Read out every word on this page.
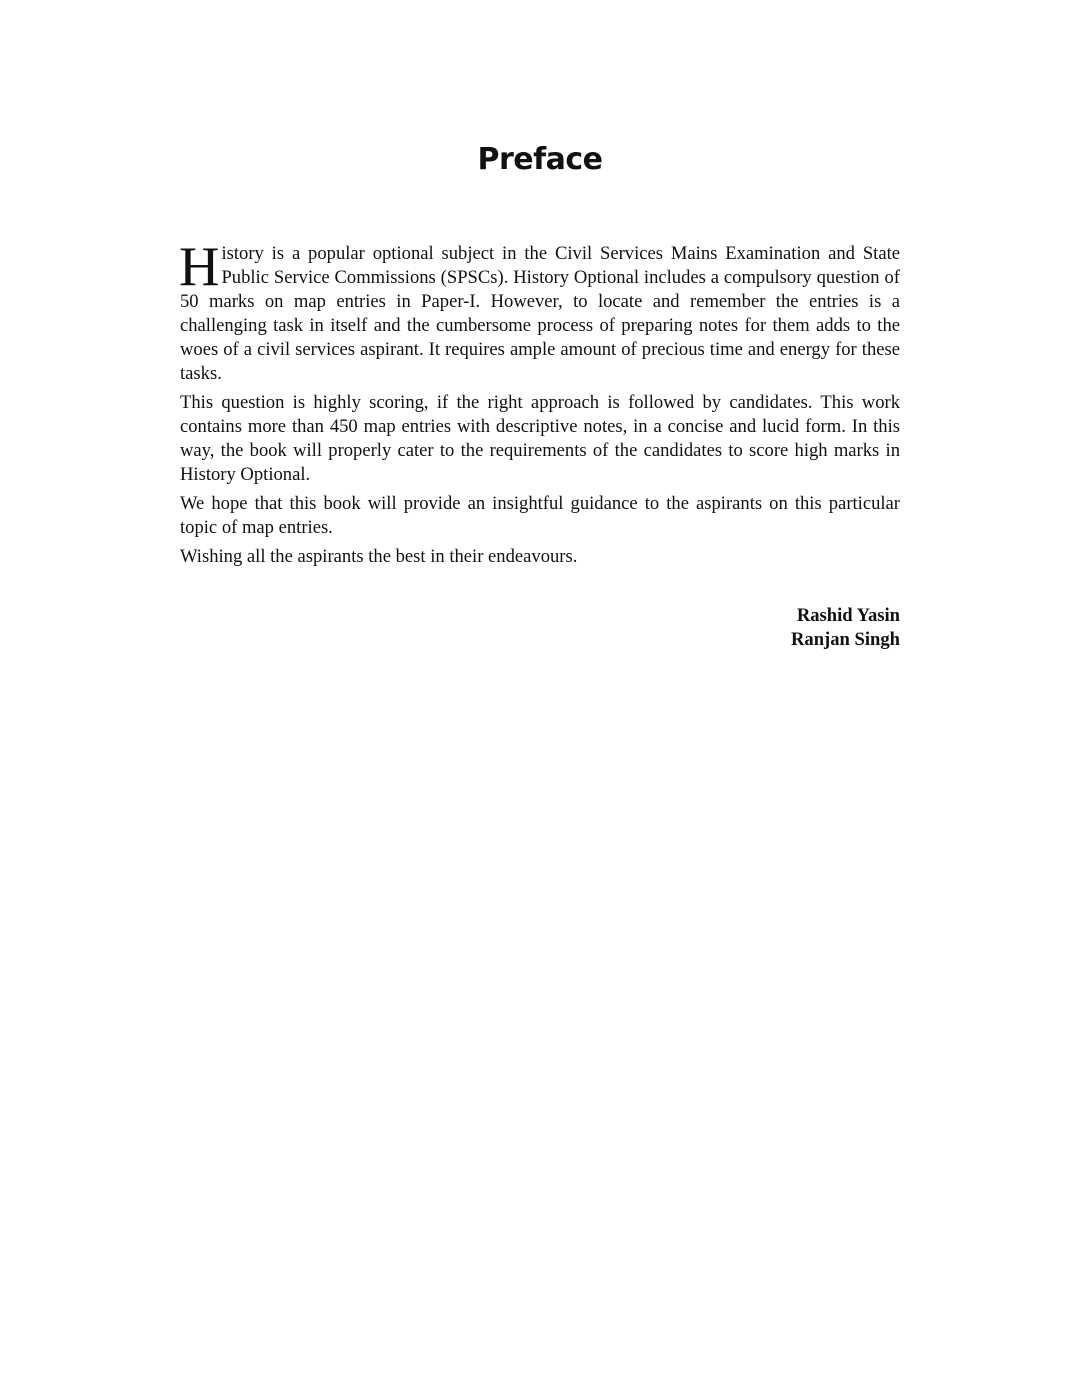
Preface

History is a popular optional subject in the Civil Services Mains Examination and State Public Service Commissions (SPSCs). History Optional includes a compulsory question of 50 marks on map entries in Paper-I. However, to locate and remember the entries is a challenging task in itself and the cumbersome process of preparing notes for them adds to the woes of a civil services aspirant. It requires ample amount of precious time and energy for these tasks.

This question is highly scoring, if the right approach is followed by candidates. This work contains more than 450 map entries with descriptive notes, in a concise and lucid form. In this way, the book will properly cater to the requirements of the candidates to score high marks in History Optional.

We hope that this book will provide an insightful guidance to the aspirants on this particular topic of map entries.

Wishing all the aspirants the best in their endeavours.

Rashid Yasin
Ranjan Singh
